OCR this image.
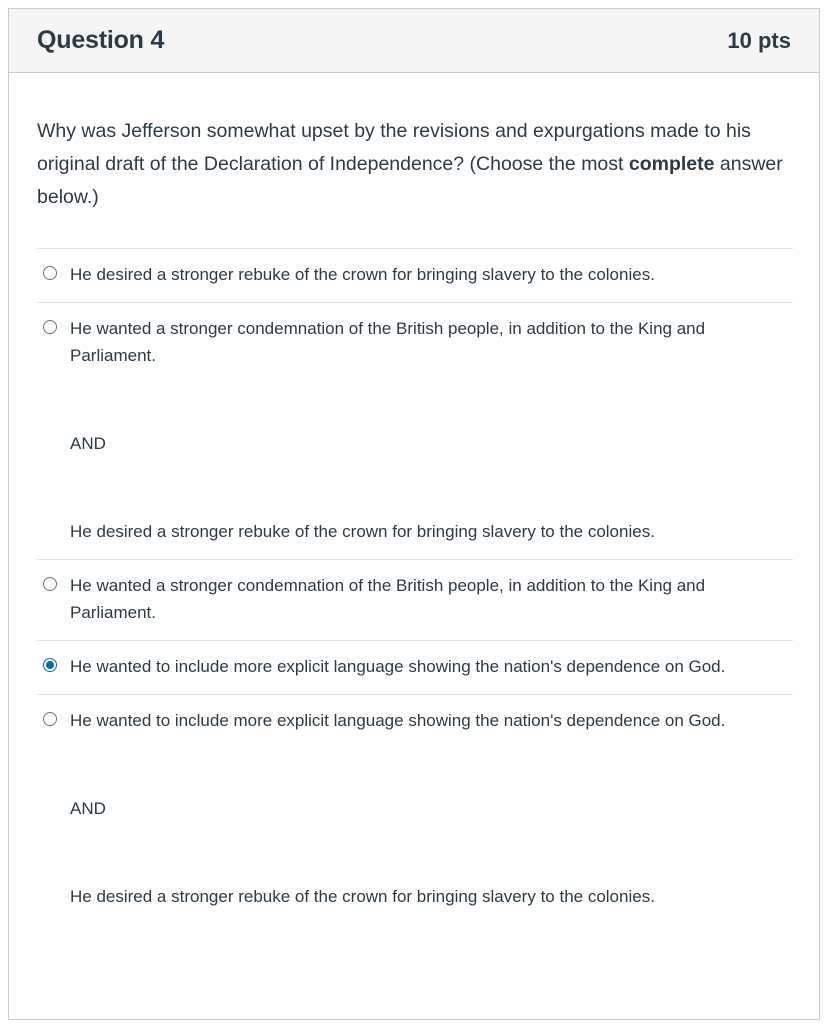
Question 4	10 pts
Why was Jefferson somewhat upset by the revisions and expurgations made to his original draft of the Declaration of Independence? (Choose the most complete answer below.)

He desired a stronger rebuke of the crown for bringing slavery to the colonies.

He wanted a stronger condemnation of the British people, in addition to the King and Parliament.

AND

He desired a stronger rebuke of the crown for bringing slavery to the colonies.

He wanted a stronger condemnation of the British people, in addition to the King and Parliament.

He wanted to include more explicit language showing the nation's dependence on God.

He wanted to include more explicit language showing the nation's dependence on God.

AND

He desired a stronger rebuke of the crown for bringing slavery to the colonies.
